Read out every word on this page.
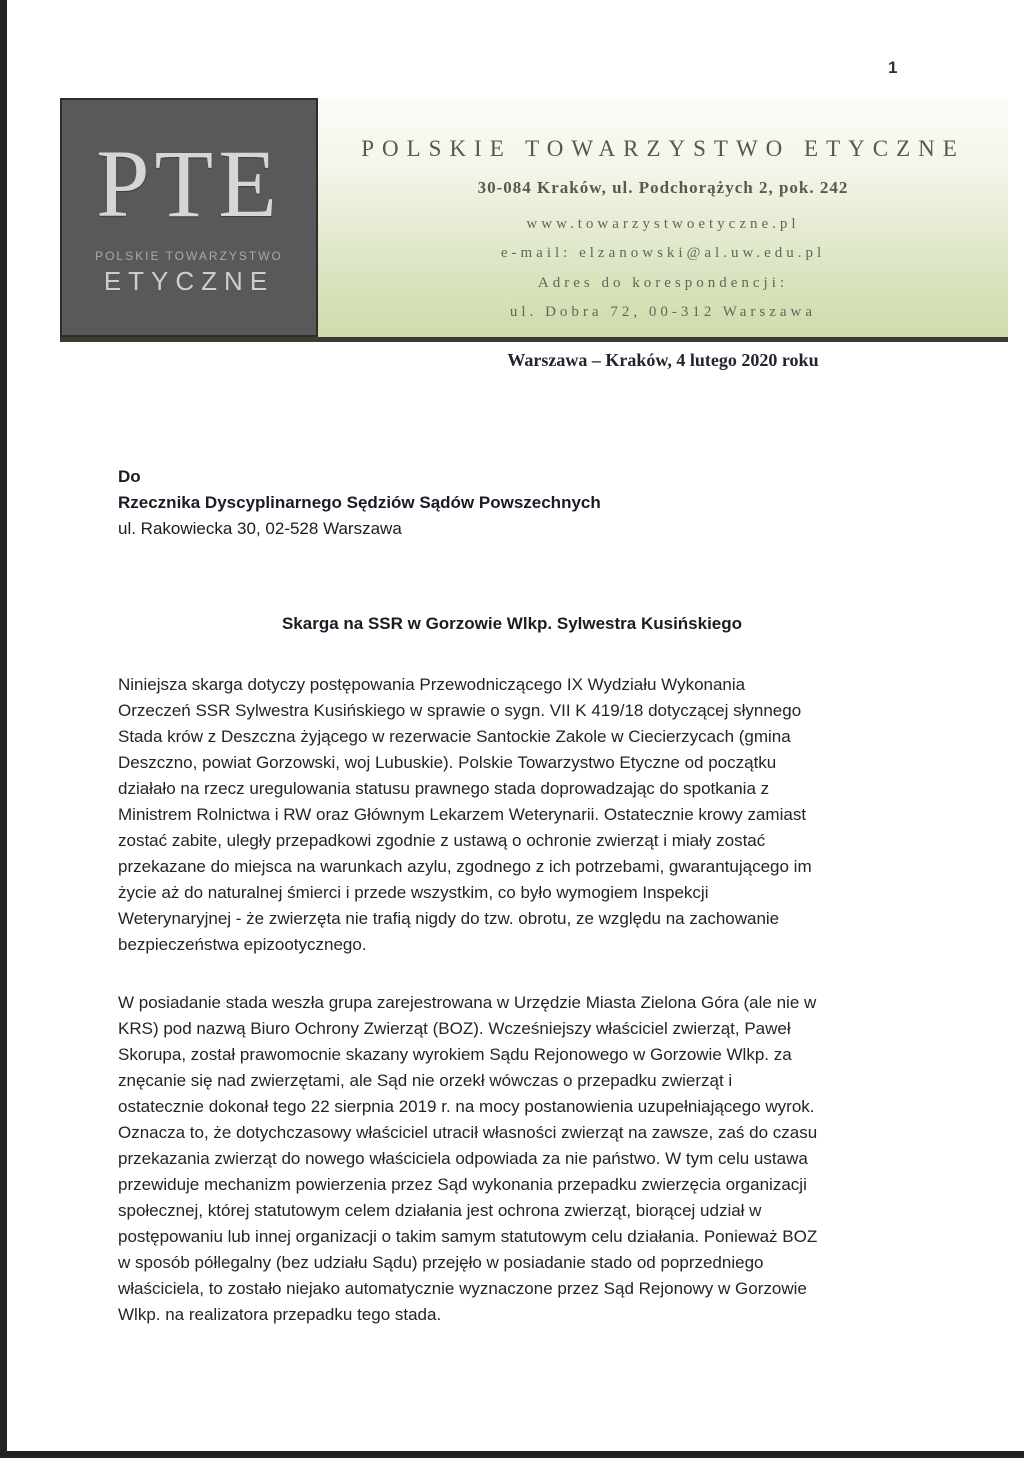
1
PTE
POLSKIE TOWARZYSTWO
ETYCZNE
POLSKIE TOWARZYSTWO ETYCZNE
30-084 Kraków, ul. Podchorążych 2, pok. 242
www.towarzystwoetyczne.pl
e-mail: elzanowski@al.uw.edu.pl
Adres do korespondencji:
ul. Dobra 72, 00-312 Warszawa
Warszawa – Kraków, 4 lutego 2020 roku
Do
Rzecznika Dyscyplinarnego Sędziów Sądów Powszechnych
ul. Rakowiecka 30, 02-528 Warszawa
Skarga na SSR w Gorzowie Wlkp. Sylwestra Kusińskiego
Niniejsza skarga dotyczy postępowania Przewodniczącego IX Wydziału Wykonania
Orzeczeń SSR Sylwestra Kusińskiego w sprawie o sygn. VII K 419/18 dotyczącej słynnego
Stada krów z Deszczna żyjącego w rezerwacie Santockie Zakole w Ciecierzycach (gmina
Deszczno, powiat Gorzowski, woj Lubuskie). Polskie Towarzystwo Etyczne od początku
działało na rzecz uregulowania statusu prawnego stada doprowadzając do spotkania z
Ministrem Rolnictwa i RW oraz Głównym Lekarzem Weterynarii. Ostatecznie krowy zamiast
zostać zabite, uległy przepadkowi zgodnie z ustawą o ochronie zwierząt i miały zostać
przekazane do miejsca na warunkach azylu, zgodnego z ich potrzebami, gwarantującego im
życie aż do naturalnej śmierci i przede wszystkim, co było wymogiem Inspekcji
Weterynaryjnej - że zwierzęta nie trafią nigdy do tzw. obrotu, ze względu na zachowanie
bezpieczeństwa epizootycznego.
W posiadanie stada weszła grupa zarejestrowana w Urzędzie Miasta Zielona Góra (ale nie w
KRS) pod nazwą Biuro Ochrony Zwierząt (BOZ). Wcześniejszy właściciel zwierząt, Paweł
Skorupa, został prawomocnie skazany wyrokiem Sądu Rejonowego w Gorzowie Wlkp. za
znęcanie się nad zwierzętami, ale Sąd nie orzekł wówczas o przepadku zwierząt i
ostatecznie dokonał tego 22 sierpnia 2019 r. na mocy postanowienia uzupełniającego wyrok.
Oznacza to, że dotychczasowy właściciel utracił własności zwierząt na zawsze, zaś do czasu
przekazania zwierząt do nowego właściciela odpowiada za nie państwo. W tym celu ustawa
przewiduje mechanizm powierzenia przez Sąd wykonania przepadku zwierzęcia organizacji
społecznej, której statutowym celem działania jest ochrona zwierząt, biorącej udział w
postępowaniu lub innej organizacji o takim samym statutowym celu działania. Ponieważ BOZ
w sposób półlegalny (bez udziału Sądu) przejęło w posiadanie stado od poprzedniego
właściciela, to zostało niejako automatycznie wyznaczone przez Sąd Rejonowy w Gorzowie
Wlkp. na realizatora przepadku tego stada.
